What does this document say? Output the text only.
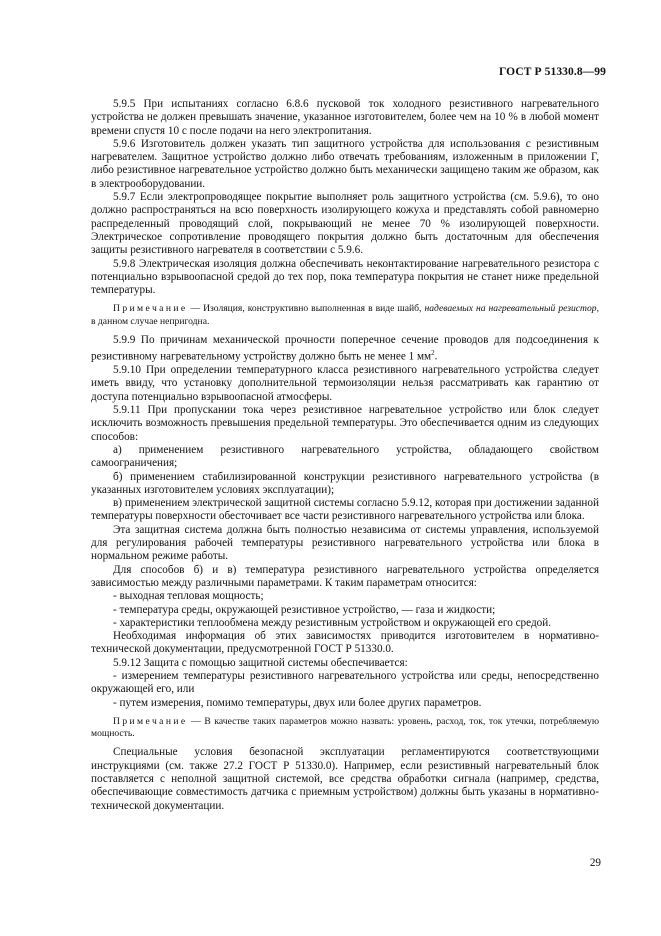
ГОСТ Р 51330.8—99

5.9.5 При испытаниях согласно 6.8.6 пусковой ток холодного резистивного нагревательного устройства не должен превышать значение, указанное изготовителем, более чем на 10 % в любой момент времени спустя 10 с после подачи на него электропитания.

5.9.6 Изготовитель должен указать тип защитного устройства для использования с резистивным нагревателем. Защитное устройство должно либо отвечать требованиям, изложенным в приложении Г, либо резистивное нагревательное устройство должно быть механически защищено таким же образом, как в электрооборудовании.

5.9.7 Если электропроводящее покрытие выполняет роль защитного устройства (см. 5.9.6), то оно должно распространяться на всю поверхность изолирующего кожуха и представлять собой равномерно распределенный проводящий слой, покрывающий не менее 70 % изолирующей поверхности. Электрическое сопротивление проводящего покрытия должно быть достаточным для обеспечения защиты резистивного нагревателя в соответствии с 5.9.6.

5.9.8 Электрическая изоляция должна обеспечивать неконтактирование нагревательного резистора с потенциально взрывоопасной средой до тех пор, пока температура покрытия не станет ниже предельной температуры.

Примечание — Изоляция, конструктивно выполненная в виде шайб, надеваемых на нагревательный резистор, в данном случае непригодна.

5.9.9 По причинам механической прочности поперечное сечение проводов для подсоединения к резистивному нагревательному устройству должно быть не менее 1 $мм^2$.

5.9.10 При определении температурного класса резистивного нагревательного устройства следует иметь ввиду, что установку дополнительной термоизоляции нельзя рассматривать как гарантию от доступа потенциально взрывоопасной атмосферы.

5.9.11 При пропускании тока через резистивное нагревательное устройство или блок следует исключить возможность превышения предельной температуры. Это обеспечивается одним из следующих способов:

а) применением резистивного нагревательного устройства, обладающего свойством самоограничения;

б) применением стабилизированной конструкции резистивного нагревательного устройства (в указанных изготовителем условиях эксплуатации);

в) применением электрической защитной системы согласно 5.9.12, которая при достижении заданной температуры поверхности обесточивает все части резистивного нагревательного устройства или блока.

Эта защитная система должна быть полностью независима от системы управления, используемой для регулирования рабочей температуры резистивного нагревательного устройства или блока в нормальном режиме работы.

Для способов б) и в) температура резистивного нагревательного устройства определяется зависимостью между различными параметрами. К таким параметрам относится:

- выходная тепловая мощность;

- температура среды, окружающей резистивное устройство, — газа и жидкости;

- характеристики теплообмена между резистивным устройством и окружающей его средой.

Необходимая информация об этих зависимостях приводится изготовителем в нормативно-технической документации, предусмотренной ГОСТ Р 51330.0.

5.9.12 Защита с помощью защитной системы обеспечивается:

- измерением температуры резистивного нагревательного устройства или среды, непосредственно окружающей его, или

- путем измерения, помимо температуры, двух или более других параметров.

Примечание — В качестве таких параметров можно назвать: уровень, расход, ток, ток утечки, потребляемую мощность.

Специальные условия безопасной эксплуатации регламентируются соответствующими инструкциями (см. также 27.2 ГОСТ Р 51330.0). Например, если резистивный нагревательный блок поставляется с неполной защитной системой, все средства обработки сигнала (например, средства, обеспечивающие совместимость датчика с приемным устройством) должны быть указаны в нормативно-технической документации.

29
